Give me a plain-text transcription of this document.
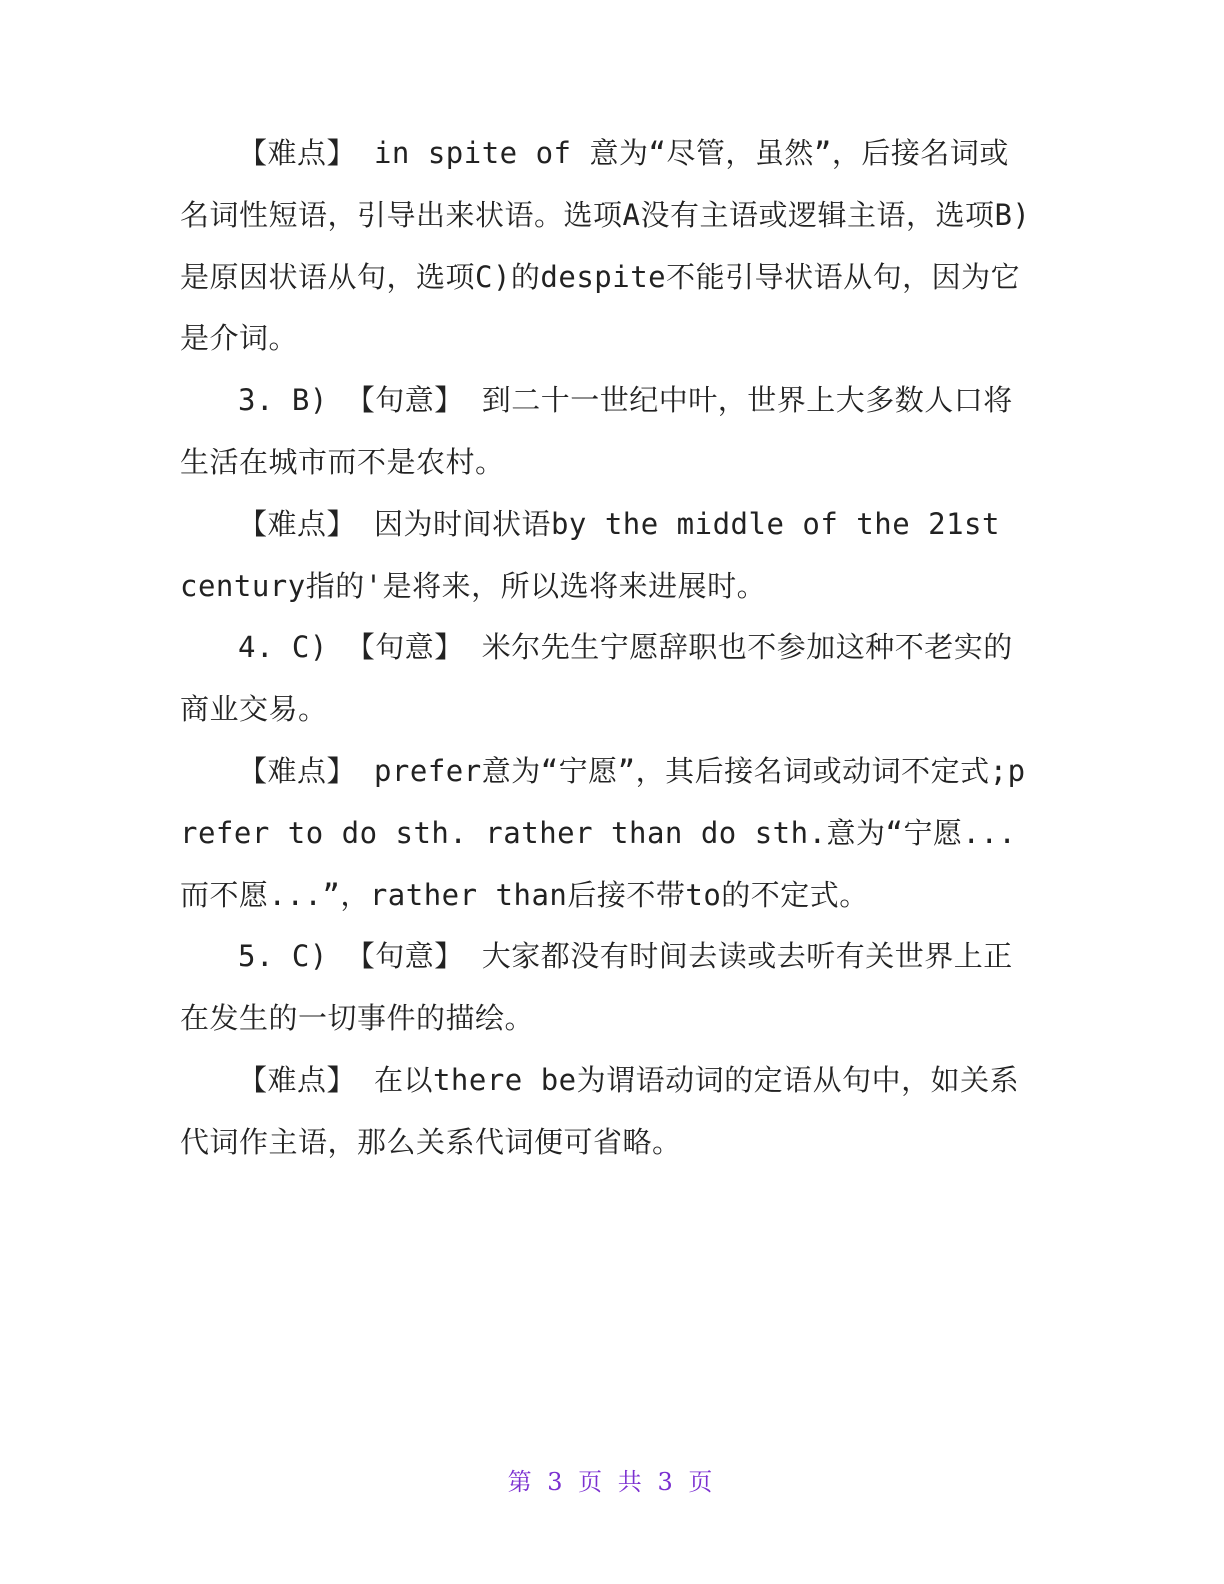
【难点】 in spite of 意为“尽管，虽然”，后接名词或名词性短语，引导出来状语。选项A没有主语或逻辑主语，选项B)是原因状语从句，选项C)的despite不能引导状语从句，因为它是介词。

3. B) 【句意】 到二十一世纪中叶，世界上大多数人口将生活在城市而不是农村。

【难点】 因为时间状语by the middle of the 21st century指的'是将来，所以选将来进展时。

4. C) 【句意】 米尔先生宁愿辞职也不参加这种不老实的商业交易。

【难点】 prefer意为“宁愿”，其后接名词或动词不定式;prefer to do sth. rather than do sth.意为“宁愿...而不愿...”，rather than后接不带to的不定式。

5. C) 【句意】 大家都没有时间去读或去听有关世界上正在发生的一切事件的描绘。

【难点】 在以there be为谓语动词的定语从句中，如关系代词作主语，那么关系代词便可省略。

第 3 页 共 3 页
